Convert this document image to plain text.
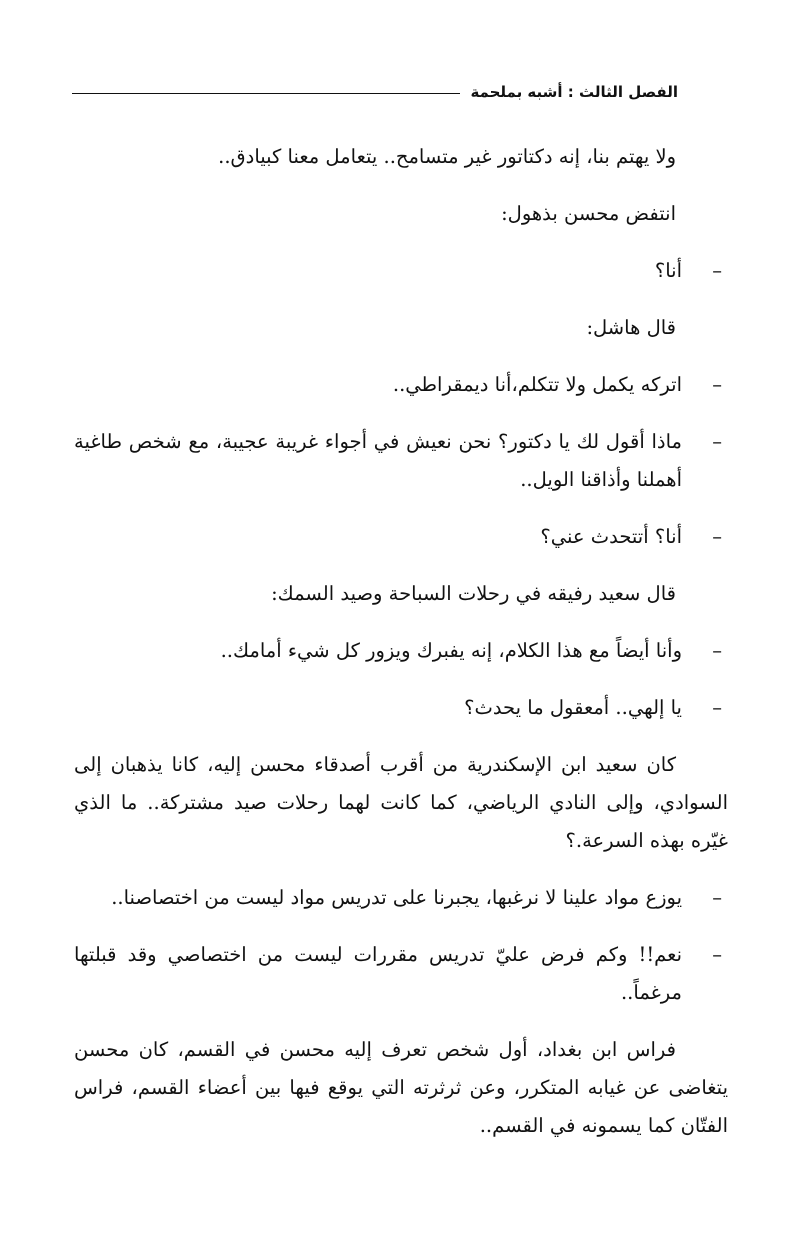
الفصل الثالث : أشبه بملحمة

ولا يهتم بنا، إنه دكتاتور غير متسامح.. يتعامل معنا كبيادق..

انتفض محسن بذهول:

–
أنا؟

قال هاشل:

–
اتركه يكمل ولا تتكلم،أنا ديمقراطي..
–
ماذا أقول لك يا دكتور؟ نحن نعيش في أجواء غريبة عجيبة، مع شخص طاغية أهملنا وأذاقنا الويل..
–
أنا؟ أتتحدث عني؟

قال سعيد رفيقه في رحلات السباحة وصيد السمك:

–
وأنا أيضاً مع هذا الكلام، إنه يفبرك ويزور كل شيء أمامك..
–
يا إلهي.. أمعقول ما يحدث؟

كان سعيد ابن الإسكندرية من أقرب أصدقاء محسن إليه، كانا يذهبان إلى السوادي، وإلى النادي الرياضي، كما كانت لهما رحلات صيد مشتركة.. ما الذي غيّره بهذه السرعة.؟

–
يوزع مواد علينا لا نرغبها، يجبرنا على تدريس مواد ليست من اختصاصنا..
–
نعم!! وكم فرض عليّ تدريس مقررات ليست من اختصاصي وقد قبلتها مرغماً..

فراس ابن بغداد، أول شخص تعرف إليه محسن في القسم، كان محسن يتغاضى عن غيابه المتكرر، وعن ثرثرته التي يوقع فيها بين أعضاء القسم، فراس الفتّان كما يسمونه في القسم..
